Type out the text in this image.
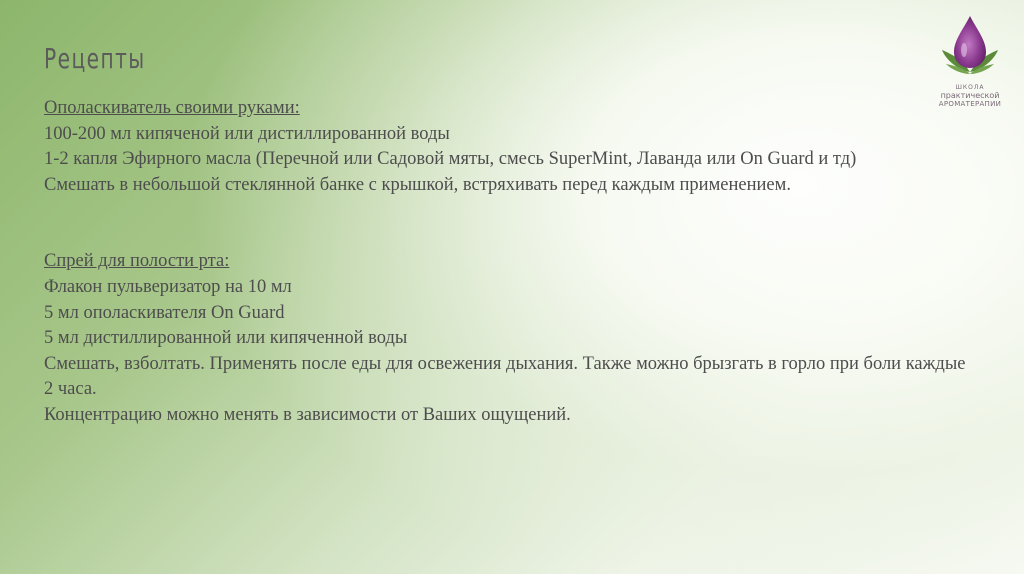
Рецепты
ШКОЛА
практической
АРОМАТЕРАПИИ

Ополаскиватель своими руками:

100-200 мл кипяченой или дистиллированной воды

1-2 капля Эфирного масла (Перечной или Садовой мяты, смесь SuperMint, Лаванда или On Guard и тд)

Смешать в небольшой стеклянной банке с крышкой, встряхивать перед каждым применением.

Спрей для полости рта:

Флакон пульверизатор на 10 мл

5 мл ополаскивателя On Guard

5 мл дистиллированной или кипяченной воды

Смешать, взболтать. Применять после еды для освежения дыхания. Также можно брызгать в горло при боли каждые 2 часа.

Концентрацию можно менять в зависимости от Ваших ощущений.
